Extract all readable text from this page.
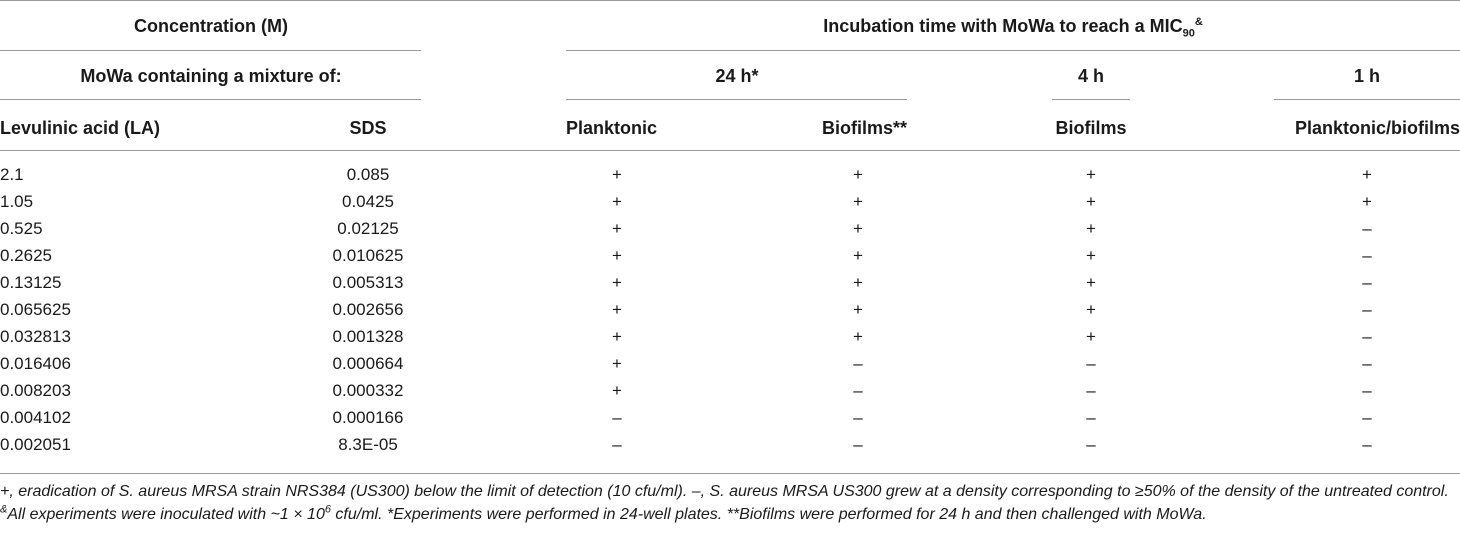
Concentration (M)	Incubation time with MoWa to reach a $MIC_{90}^{\&}$
MoWa containing a mixture of:	24 h*	4 h	1 h
Levulinic acid (LA)	SDS	Planktonic	Biofilms**	Biofilms	Planktonic/biofilms
2.1	0.085	+	+	+	+
1.05	0.0425	+	+	+	+
0.525	0.02125	+	+	+	–
0.2625	0.010625	+	+	+	–
0.13125	0.005313	+	+	+	–
0.065625	0.002656	+	+	+	–
0.032813	0.001328	+	+	+	–
0.016406	0.000664	+	–	–	–
0.008203	0.000332	+	–	–	–
0.004102	0.000166	–	–	–	–
0.002051	8.3E-05	–	–	–	–
+, eradication of S. aureus MRSA strain NRS384 (US300) below the limit of detection (10 cfu/ml). –, S. aureus MRSA US300 grew at a density corresponding to ≥50% of the density of the untreated control. &All experiments were inoculated with ~1 × $10^6$ cfu/ml. *Experiments were performed in 24-well plates. **Biofilms were performed for 24 h and then challenged with MoWa.
